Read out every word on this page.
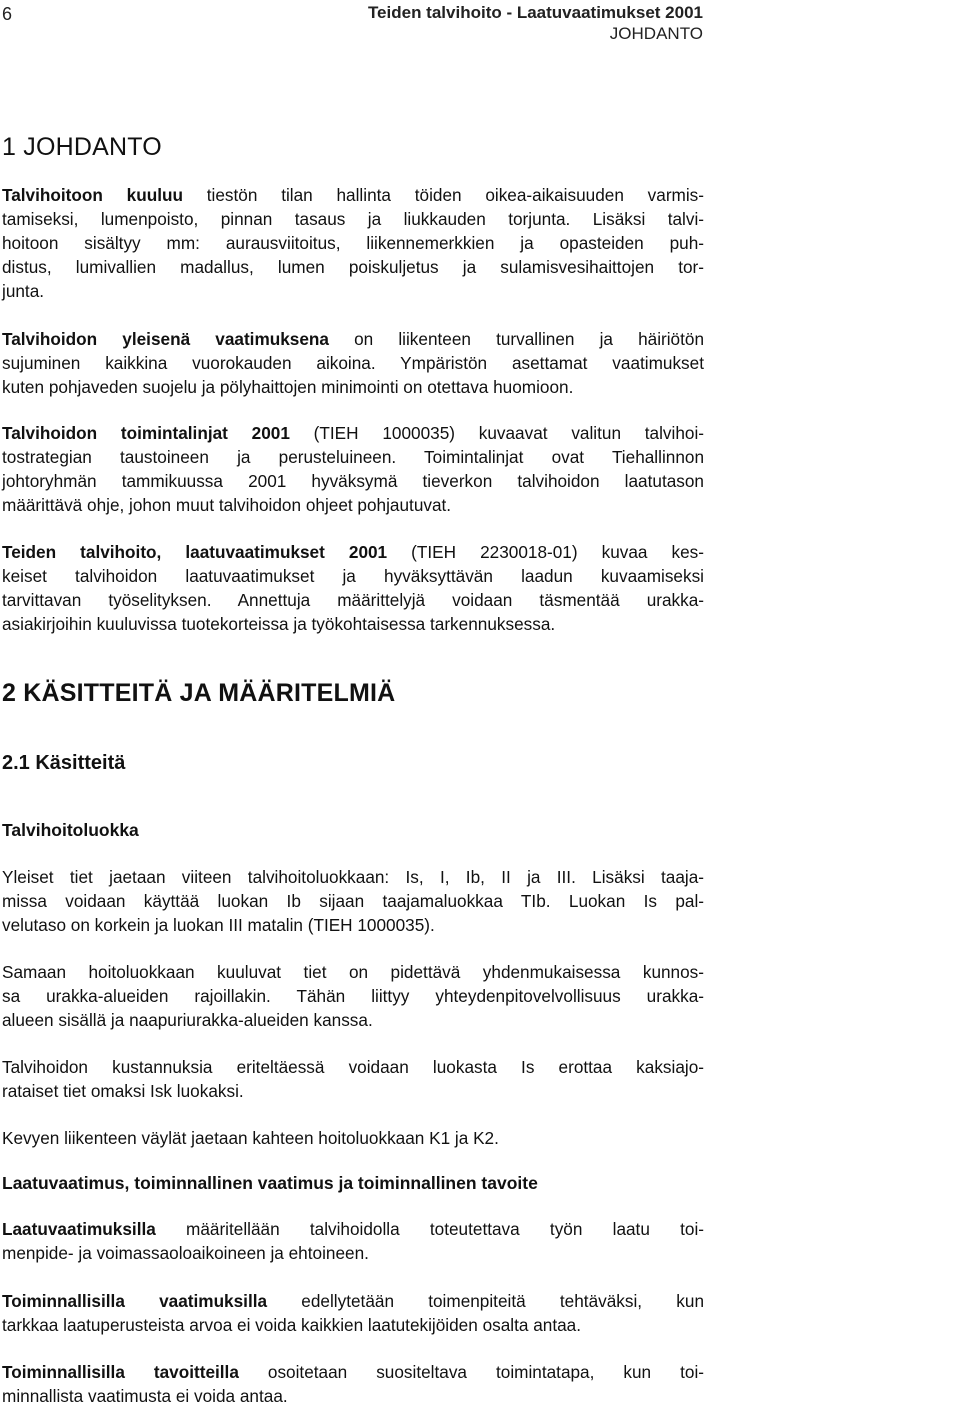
6	Teiden talvihoito - Laatuvaatimukset 2001
JOHDANTO
1 JOHDANTO
Talvihoitoon kuuluu tiestön tilan hallinta töiden oikea-aikaisuuden varmis-
tamiseksi, lumenpoisto, pinnan tasaus ja liukkauden torjunta. Lisäksi talvi-
hoitoon sisältyy mm: aurausviitoitus, liikennemerkkien ja opasteiden puh-
distus, lumivallien madallus, lumen poiskuljetus ja sulamisvesihaittojen tor-
junta.
Talvihoidon yleisenä vaatimuksena on liikenteen turvallinen ja häiriötön
sujuminen kaikkina vuorokauden aikoina. Ympäristön asettamat vaatimukset
kuten pohjaveden suojelu ja pölyhaittojen minimointi on otettava huomioon.
Talvihoidon toimintalinjat 2001 (TIEH 1000035) kuvaavat valitun talvihoi-
tostrategian taustoineen ja perusteluineen. Toimintalinjat ovat Tiehallinnon
johtoryhmän tammikuussa 2001 hyväksymä tieverkon talvihoidon laatutason
määrittävä ohje, johon muut talvihoidon ohjeet pohjautuvat.
Teiden talvihoito, laatuvaatimukset 2001 (TIEH 2230018-01) kuvaa kes-
keiset talvihoidon laatuvaatimukset ja hyväksyttävän laadun kuvaamiseksi
tarvittavan työselityksen. Annettuja määrittelyjä voidaan täsmentää urakka-
asiakirjoihin kuuluvissa tuotekorteissa ja työkohtaisessa tarkennuksessa.
2 KÄSITTEITÄ JA MÄÄRITELMIÄ
2.1 Käsitteitä
Talvihoitoluokka
Yleiset tiet jaetaan viiteen talvihoitoluokkaan: Is, I, Ib, II ja III. Lisäksi taaja-
missa voidaan käyttää luokan Ib sijaan taajamaluokkaa TIb. Luokan Is pal-
velutaso on korkein ja luokan III matalin (TIEH 1000035).
Samaan hoitoluokkaan kuuluvat tiet on pidettävä yhdenmukaisessa kunnos-
sa urakka-alueiden rajoillakin. Tähän liittyy yhteydenpitovelvollisuus urakka-
alueen sisällä ja naapuriurakka-alueiden kanssa.
Talvihoidon kustannuksia eriteltäessä voidaan luokasta Is erottaa kaksiajo-
rataiset tiet omaksi Isk luokaksi.
Kevyen liikenteen väylät jaetaan kahteen hoitoluokkaan K1 ja K2.
Laatuvaatimus, toiminnallinen vaatimus ja toiminnallinen tavoite
Laatuvaatimuksilla määritellään talvihoidolla toteutettava työn laatu toi-
menpide- ja voimassaoloaikoineen ja ehtoineen.
Toiminnallisilla vaatimuksilla edellytetään toimenpiteitä tehtäväksi, kun
tarkkaa laatuperusteista arvoa ei voida kaikkien laatutekijöiden osalta antaa.
Toiminnallisilla tavoitteilla osoitetaan suositeltava toimintatapa, kun toi-
minnallista vaatimusta ei voida antaa.
